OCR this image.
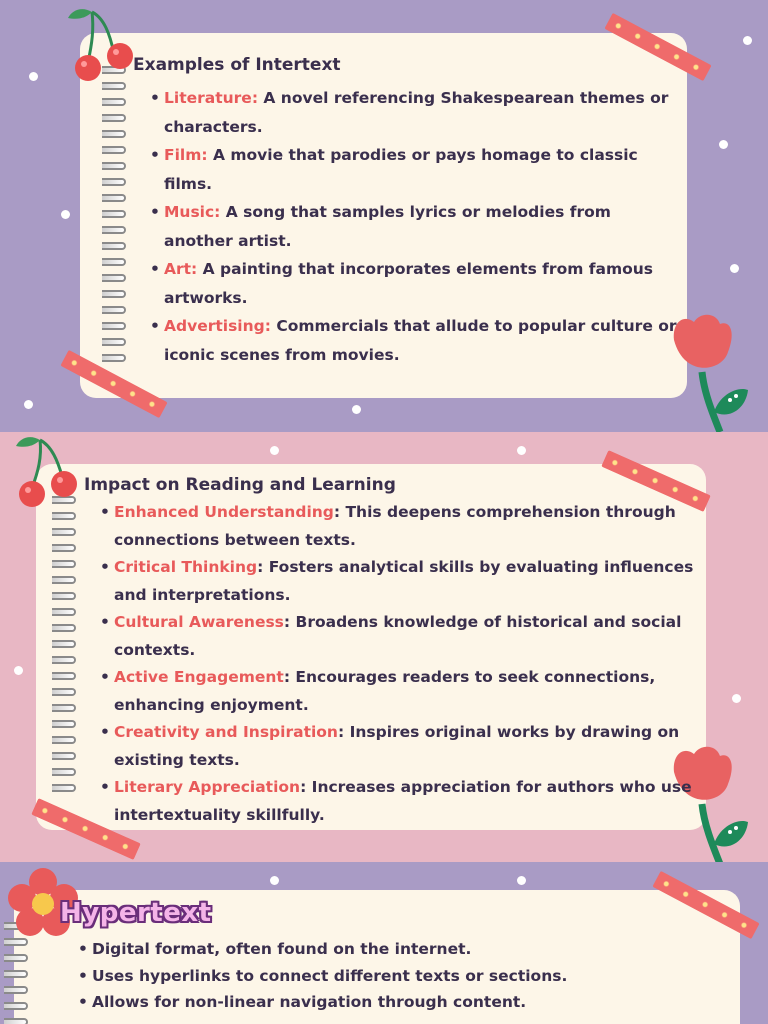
Examples of Intertext
• Literature: A novel referencing Shakespearean themes or characters.
• Film: A movie that parodies or pays homage to classic films.
• Music: A song that samples lyrics or melodies from another artist.
• Art: A painting that incorporates elements from famous artworks.
• Advertising: Commercials that allude to popular culture or iconic scenes from movies.
Impact on Reading and Learning
• Enhanced Understanding: This deepens comprehension through connections between texts.
• Critical Thinking: Fosters analytical skills by evaluating influences and interpretations.
• Cultural Awareness: Broadens knowledge of historical and social contexts.
• Active Engagement: Encourages readers to seek connections, enhancing enjoyment.
• Creativity and Inspiration: Inspires original works by drawing on existing texts.
• Literary Appreciation: Increases appreciation for authors who use intertextuality skillfully.
Hypertext
• Digital format, often found on the internet.
• Uses hyperlinks to connect different texts or sections.
• Allows for non-linear navigation through content.
